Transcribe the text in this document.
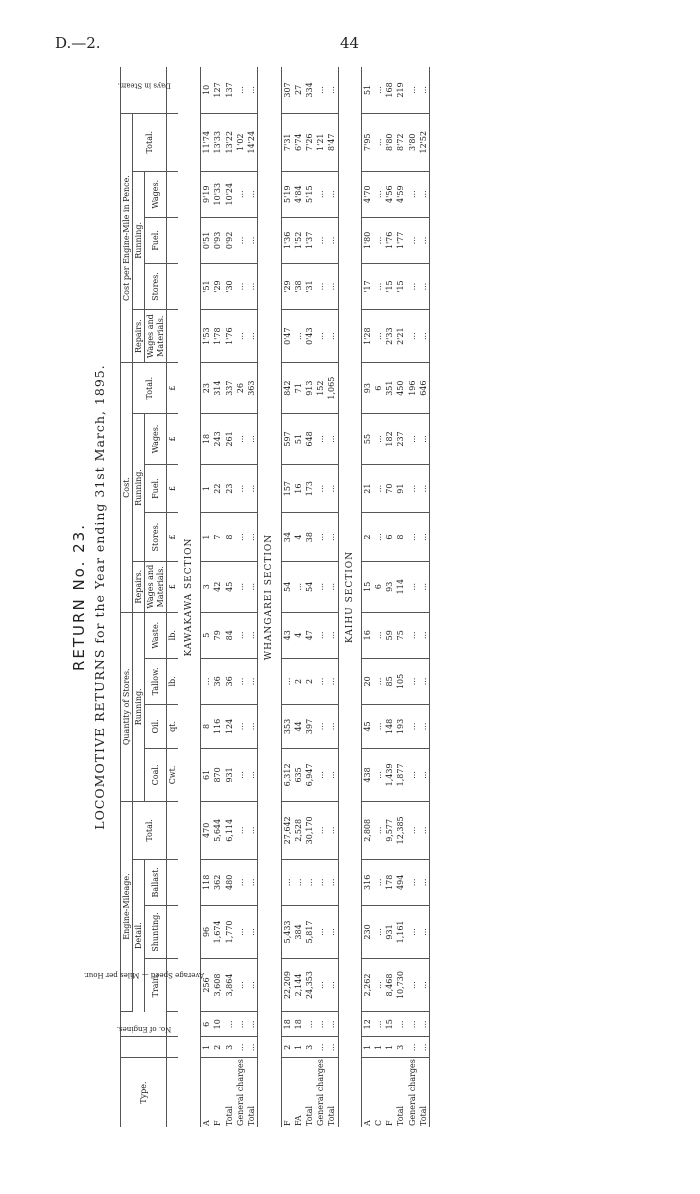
D.—2.	44
RETURN No. 23. LOCOMOTIVE RETURNS for the Year ending 31st March, 1895.
Type.	No. of Engines.	Average Speed — Miles per Hour.	Engine-Mileage.				Quantity of Stores.				Cost.					Cost per Engine-Mile in Pence.					Days in Steam.
			Detail.			Total.	Running.				Repairs.	Running.			Total.	Repairs.	Running.			Total.	
			Train.	Shunting.	Ballast.		Coal.	Oil.	Tallow.	Waste.	Wages and Materials.	Stores.	Fuel.	Wages.		Wages and Materials.	Stores.	Fuel.	Wages.		

							Cwt.	qt.	lb.	lb.	£	£	£	£	£						
KAWAKAWA SECTION																					
A	1	6	256	96	118	470	61	8	...	5	3	1	1	18	23	1'53	'51	0'51	9'19	11'74	10
F	2	10	3,608	1,674	362	5,644	870	116	36	79	42	7	22	243	314	1'78	'29	0'93	10'33	13'33	127
Total	3	...	3,864	1,770	480	6,114	931	124	36	84	45	8	23	261	337	1'76	'30	0'92	10'24	13'22	137
General charges	...	...	...	...	...	...	...	...	...	...	...	...	...	...	26	...	...	...	...	1'02	...
Total	...	...	...	...	...	...	...	...	...	...	...	...	...	...	363	...	...	...	...	14'24	...
WHANGAREI SECTION																					
F	2	18	22,209	5,433	...	27,642	6,312	353	...	43	54	34	157	597	842	0'47	'29	1'36	5'19	7'31	307
FA	1	18	2,144	384	...	2,528	635	44	2	4	...	4	16	51	71	...	'38	1'52	4'84	6'74	27
Total	3	...	24,353	5,817	...	30,170	6,947	397	2	47	54	38	173	648	913	0'43	'31	1'37	5'15	7'26	334
General charges	...	...	...	...	...	...	...	...	...	...	...	...	...	...	152	...	...	...	...	1'21	...
Total	...	...	...	...	...	...	...	...	...	...	...	...	...	...	1,065	...	...	...	...	8'47	...
KAIHU SECTION																					
A	1	12	2,262	230	316	2,808	438	45	20	16	15	2	21	55	93	1'28	'17	1'80	4'70	7'95	51
C	1	...	...	...	...	...	...	...	...	...	6	...	...	...	6	...	...	...	...	...	...
F	1	15	8,468	931	178	9,577	1,439	148	85	59	93	6	70	182	351	2'33	'15	1'76	4'56	8'80	168
Total	3	...	10,730	1,161	494	12,385	1,877	193	105	75	114	8	91	237	450	2'21	'15	1'77	4'59	8'72	219
General charges	...	...	...	...	...	...	...	...	...	...	...	...	...	...	196	...	...	...	...	3'80	...
Total	...	...	...	...	...	...	...	...	...	...	...	...	...	...	646	...	...	...	...	12'52	...
